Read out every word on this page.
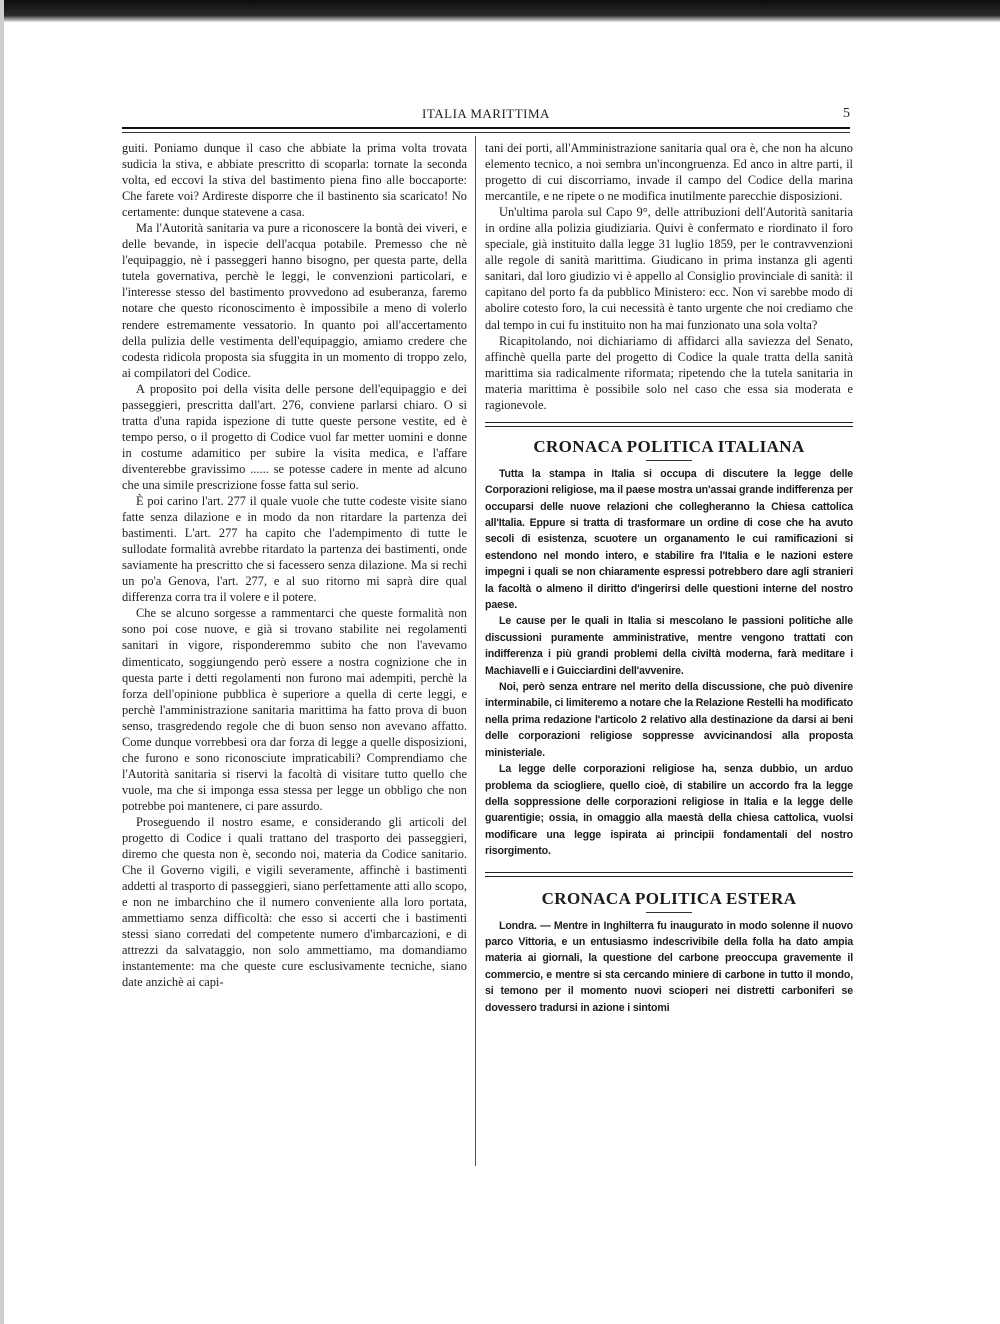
ITALIA MARITTIMA	5

guiti. Poniamo dunque il caso che abbiate la prima volta trovata sudicia la stiva, e abbiate prescritto di scoparla: tornate la seconda volta, ed eccovi la stiva del bastimento piena fino alle boccaporte: Che farete voi? Ardireste disporre che il bastinento sia scaricato! No certamente: dunque statevene a casa.

Ma l'Autorità sanitaria va pure a riconoscere la bontà dei viveri, e delle bevande, in ispecie dell'acqua potabile. Premesso che nè l'equipaggio, nè i passeggeri hanno bisogno, per questa parte, della tutela governativa, perchè le leggi, le convenzioni particolari, e l'interesse stesso del bastimento provvedono ad esuberanza, faremo notare che questo riconoscimento è impossibile a meno di volerlo rendere estremamente vessatorio. In quanto poi all'accertamento della pulizia delle vestimenta dell'equipaggio, amiamo credere che codesta ridicola proposta sia sfuggita in un momento di troppo zelo, ai compilatori del Codice.

A proposito poi della visita delle persone dell'equipaggio e dei passeggieri, prescritta dall'art. 276, conviene parlarsi chiaro. O si tratta d'una rapida ispezione di tutte queste persone vestite, ed è tempo perso, o il progetto di Codice vuol far metter uomini e donne in costume adamitico per subire la visita medica, e l'affare diventerebbe gravissimo ...... se potesse cadere in mente ad alcuno che una simile prescrizione fosse fatta sul serio.

È poi carino l'art. 277 il quale vuole che tutte codeste visite siano fatte senza dilazione e in modo da non ritardare la partenza dei bastimenti. L'art. 277 ha capito che l'adempimento di tutte le sullodate formalità avrebbe ritardato la partenza dei bastimenti, onde saviamente ha prescritto che si facessero senza dilazione. Ma si rechi un po'a Genova, l'art. 277, e al suo ritorno mi saprà dire qual differenza corra tra il volere e il potere.

Che se alcuno sorgesse a rammentarci che queste formalità non sono poi cose nuove, e già si trovano stabilite nei regolamenti sanitari in vigore, risponderemmo subito che non l'avevamo dimenticato, soggiungendo però essere a nostra cognizione che in questa parte i detti regolamenti non furono mai adempiti, perchè la forza dell'opinione pubblica è superiore a quella di certe leggi, e perchè l'amministrazione sanitaria marittima ha fatto prova di buon senso, trasgredendo regole che di buon senso non avevano affatto. Come dunque vorrebbesi ora dar forza di legge a quelle disposizioni, che furono e sono riconosciute impraticabili? Comprendiamo che l'Autorità sanitaria si riservi la facoltà di visitare tutto quello che vuole, ma che si imponga essa stessa per legge un obbligo che non potrebbe poi mantenere, ci pare assurdo.

Proseguendo il nostro esame, e considerando gli articoli del progetto di Codice i quali trattano del trasporto dei passeggieri, diremo che questa non è, secondo noi, materia da Codice sanitario. Che il Governo vigili, e vigili severamente, affinchè i bastimenti addetti al trasporto di passeggieri, siano perfettamente atti allo scopo, e non ne imbarchino che il numero conveniente alla loro portata, ammettiamo senza difficoltà: che esso si accerti che i bastimenti stessi siano corredati del competente numero d'imbarcazioni, e di attrezzi da salvataggio, non solo ammettiamo, ma domandiamo instantemente: ma che queste cure esclusivamente tecniche, siano date anzichè ai capi-

tani dei porti, all'Amministrazione sanitaria qual ora è, che non ha alcuno elemento tecnico, a noi sembra un'incongruenza. Ed anco in altre parti, il progetto di cui discorriamo, invade il campo del Codice della marina mercantile, e ne ripete o ne modifica inutilmente parecchie disposizioni.

Un'ultima parola sul Capo 9°, delle attribuzioni dell'Autorità sanitaria in ordine alla polizia giudiziaria. Quivi è confermato e riordinato il foro speciale, già instituito dalla legge 31 luglio 1859, per le contravvenzioni alle regole di sanità marittima. Giudicano in prima instanza gli agenti sanitari, dal loro giudizio vi è appello al Consiglio provinciale di sanità: il capitano del porto fa da pubblico Ministero: ecc. Non vi sarebbe modo di abolire cotesto foro, la cui necessità è tanto urgente che noi crediamo che dal tempo in cui fu instituito non ha mai funzionato una sola volta?

Ricapitolando, noi dichiariamo di affidarci alla saviezza del Senato, affinchè quella parte del progetto di Codice la quale tratta della sanità marittima sia radicalmente riformata; ripetendo che la tutela sanitaria in materia marittima è possibile solo nel caso che essa sia moderata e ragionevole.

CRONACA POLITICA ITALIANA

Tutta la stampa in Italia si occupa di discutere la legge delle Corporazioni religiose, ma il paese mostra un'assai grande indifferenza per occuparsi delle nuove relazioni che collegheranno la Chiesa cattolica all'Italia. Eppure si tratta di trasformare un ordine di cose che ha avuto secoli di esistenza, scuotere un organamento le cui ramificazioni si estendono nel mondo intero, e stabilire fra l'Italia e le nazioni estere impegni i quali se non chiaramente espressi potrebbero dare agli stranieri la facoltà o almeno il diritto d'ingerirsi delle questioni interne del nostro paese.

Le cause per le quali in Italia si mescolano le passioni politiche alle discussioni puramente amministrative, mentre vengono trattati con indifferenza i più grandi problemi della civiltà moderna, farà meditare i Machiavelli e i Guicciardini dell'avvenire.

Noi, però senza entrare nel merito della discussione, che può divenire interminabile, ci limiteremo a notare che la Relazione Restelli ha modificato nella prima redazione l'articolo 2 relativo alla destinazione da darsi ai beni delle corporazioni religiose soppresse avvicinandosi alla proposta ministeriale.

La legge delle corporazioni religiose ha, senza dubbio, un arduo problema da sciogliere, quello cioè, di stabilire un accordo fra la legge della soppressione delle corporazioni religiose in Italia e la legge delle guarentigie; ossia, in omaggio alla maestà della chiesa cattolica, vuolsi modificare una legge ispirata ai principii fondamentali del nostro risorgimento.

CRONACA POLITICA ESTERA

Londra. — Mentre in Inghilterra fu inaugurato in modo solenne il nuovo parco Vittoria, e un entusiasmo indescrivibile della folla ha dato ampia materia ai giornali, la questione del carbone preoccupa gravemente il commercio, e mentre si sta cercando miniere di carbone in tutto il mondo, si temono per il momento nuovi scioperi nei distretti carboniferi se dovessero tradursi in azione i sintomi
